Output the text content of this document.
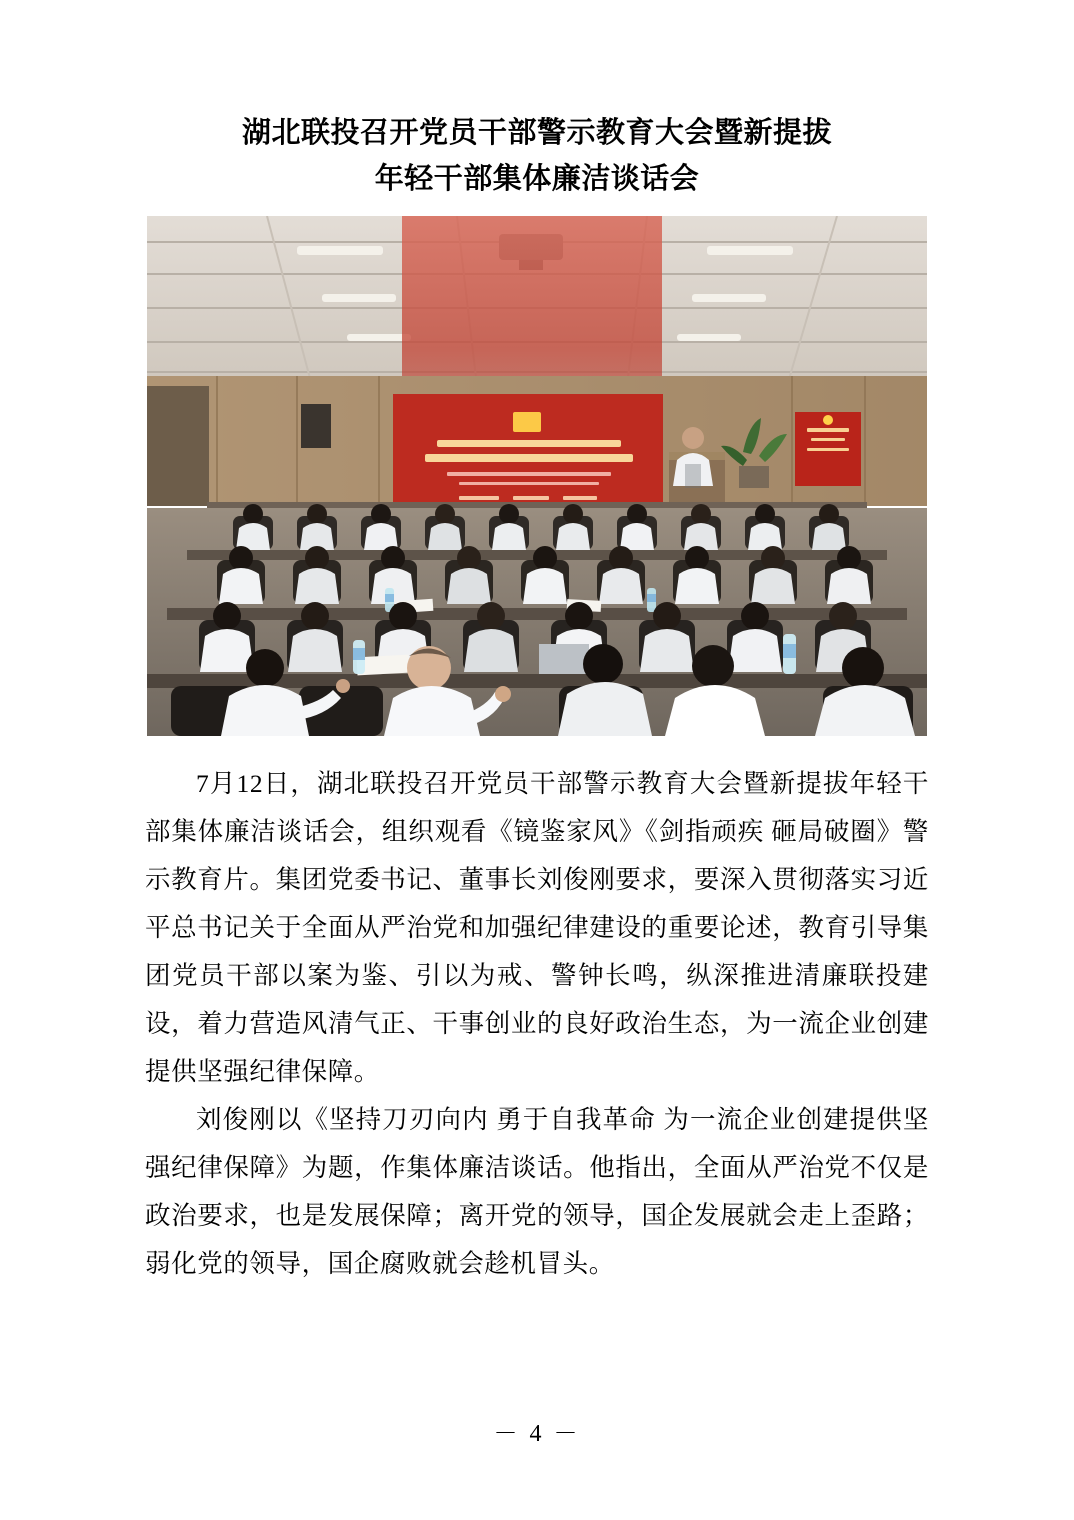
湖北联投召开党员干部警示教育大会暨新提拔
年轻干部集体廉洁谈话会

7月12日，湖北联投召开党员干部警示教育大会暨新提拔年轻干部集体廉洁谈话会，组织观看《镜鉴家风》《剑指顽疾 砸局破圈》警示教育片。集团党委书记、董事长刘俊刚要求，要深入贯彻落实习近平总书记关于全面从严治党和加强纪律建设的重要论述，教育引导集团党员干部以案为鉴、引以为戒、警钟长鸣，纵深推进清廉联投建设，着力营造风清气正、干事创业的良好政治生态，为一流企业创建提供坚强纪律保障。

刘俊刚以《坚持刀刃向内 勇于自我革命 为一流企业创建提供坚强纪律保障》为题，作集体廉洁谈话。他指出，全面从严治党不仅是政治要求，也是发展保障；离开党的领导，国企发展就会走上歪路；弱化党的领导，国企腐败就会趁机冒头。

－ 4 －
